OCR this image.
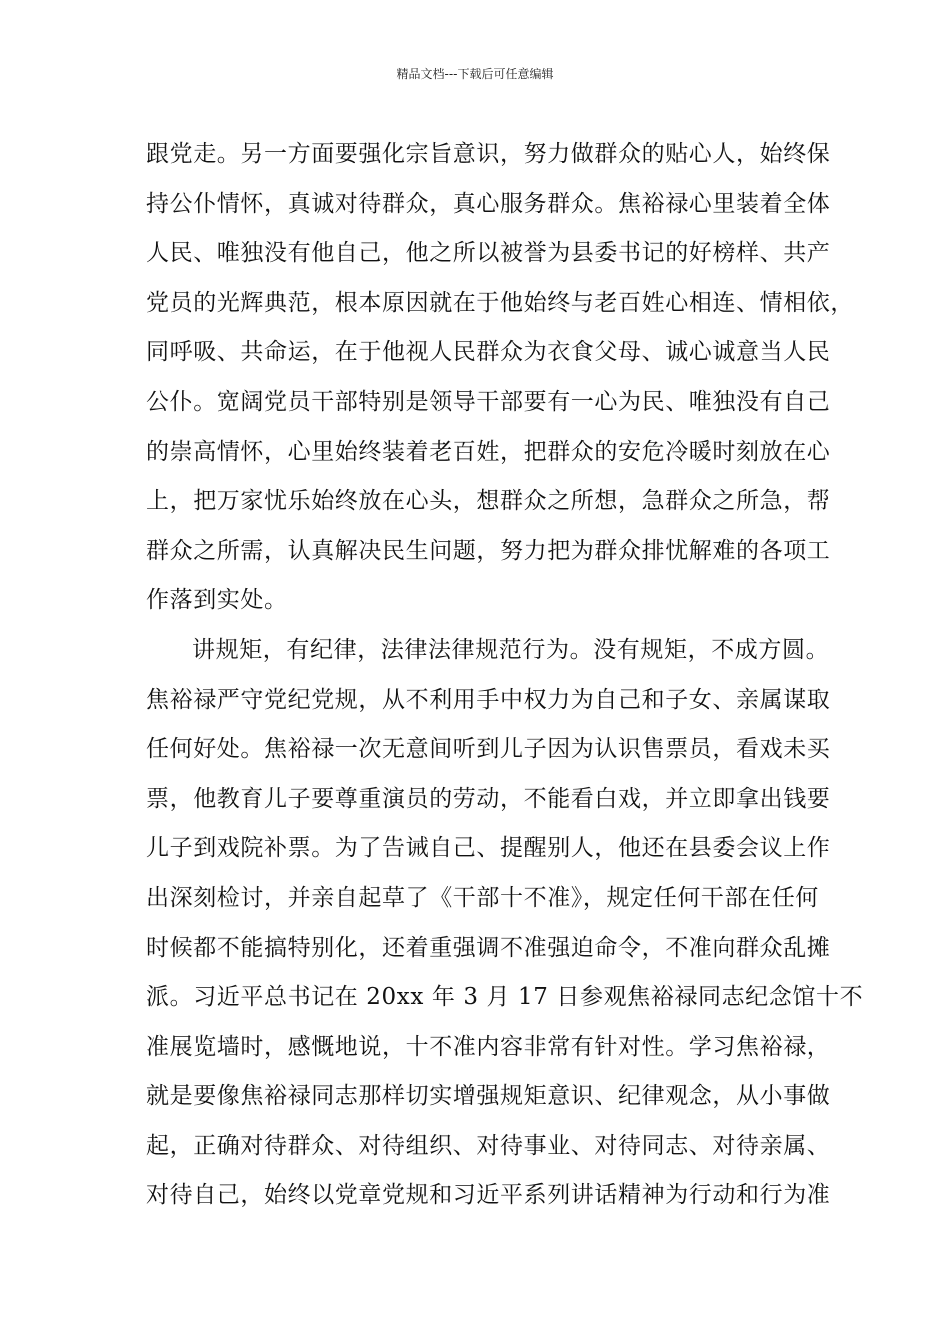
精品文档---下载后可任意编辑
跟党走。另一方面要强化宗旨意识，努力做群众的贴心人，始终保
持公仆情怀，真诚对待群众，真心服务群众。焦裕禄心里装着全体
人民、唯独没有他自己，他之所以被誉为县委书记的好榜样、共产
党员的光辉典范，根本原因就在于他始终与老百姓心相连、情相依，
同呼吸、共命运，在于他视人民群众为衣食父母、诚心诚意当人民
公仆。宽阔党员干部特别是领导干部要有一心为民、唯独没有自己
的崇高情怀，心里始终装着老百姓，把群众的安危冷暖时刻放在心
上，把万家忧乐始终放在心头，想群众之所想，急群众之所急，帮
群众之所需，认真解决民生问题，努力把为群众排忧解难的各项工
作落到实处。
讲规矩，有纪律，法律法律规范行为。没有规矩，不成方圆。
焦裕禄严守党纪党规，从不利用手中权力为自己和子女、亲属谋取
任何好处。焦裕禄一次无意间听到儿子因为认识售票员，看戏未买
票，他教育儿子要尊重演员的劳动，不能看白戏，并立即拿出钱要
儿子到戏院补票。为了告诫自己、提醒别人，他还在县委会议上作
出深刻检讨，并亲自起草了《干部十不准》，规定任何干部在任何
时候都不能搞特别化，还着重强调不准强迫命令，不准向群众乱摊
派。习近平总书记在 20xx 年 3 月 17 日参观焦裕禄同志纪念馆十不
准展览墙时，感慨地说，十不准内容非常有针对性。学习焦裕禄，
就是要像焦裕禄同志那样切实增强规矩意识、纪律观念，从小事做
起，正确对待群众、对待组织、对待事业、对待同志、对待亲属、
对待自己，始终以党章党规和习近平系列讲话精神为行动和行为准
